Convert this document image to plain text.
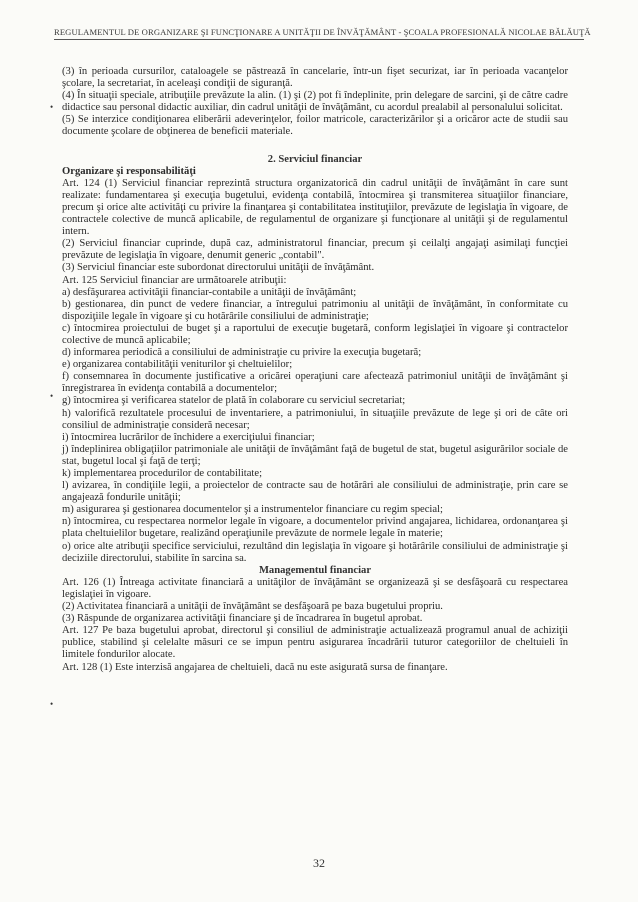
REGULAMENTUL DE ORGANIZARE ŞI FUNCŢIONARE A UNITĂŢII DE ÎNVĂŢĂMÂNT - ŞCOALA PROFESIONALĂ NICOLAE BĂLĂUŢĂ
•
•
•

(3) în perioada cursurilor, cataloagele se păstrează în cancelarie, într-un fişet securizat, iar în perioada vacanţelor şcolare, la secretariat, în aceleaşi condiţii de siguranţă.

(4) În situaţii speciale, atribuţiile prevăzute la alin. (1) şi (2) pot fi îndeplinite, prin delegare de sarcini, şi de către cadre didactice sau personal didactic auxiliar, din cadrul unităţii de învăţământ, cu acordul prealabil al personalului solicitat.

(5) Se interzice condiţionarea eliberării adeverinţelor, foilor matricole, caracterizărilor şi a oricăror acte de studii sau documente şcolare de obţinerea de beneficii materiale.

2. Serviciul financiar

Organizare şi responsabilităţi

Art. 124 (1) Serviciul financiar reprezintă structura organizatorică din cadrul unităţii de învăţământ în care sunt realizate: fundamentarea şi execuţia bugetului, evidenţa contabilă, întocmirea şi transmiterea situaţiilor financiare, precum şi orice alte activităţi cu privire la finanţarea şi contabilitatea instituţiilor, prevăzute de legislaţia în vigoare, de contractele colective de muncă aplicabile, de regulamentul de organizare şi funcţionare al unităţii şi de regulamentul intern.

(2) Serviciul financiar cuprinde, după caz, administratorul financiar, precum şi ceilalţi angajaţi asimilaţi funcţiei prevăzute de legislaţia în vigoare, denumit generic „contabil".

(3) Serviciul financiar este subordonat directorului unităţii de învăţământ.

Art. 125 Serviciul financiar are următoarele atribuţii:

a) desfăşurarea activităţii financiar-contabile a unităţii de învăţământ;

b) gestionarea, din punct de vedere financiar, a întregului patrimoniu al unităţii de învăţământ, în conformitate cu dispoziţiile legale în vigoare şi cu hotărârile consiliului de administraţie;

c) întocmirea proiectului de buget şi a raportului de execuţie bugetară, conform legislaţiei în vigoare şi contractelor colective de muncă aplicabile;

d) informarea periodică a consiliului de administraţie cu privire la execuţia bugetară;

e) organizarea contabilităţii veniturilor şi cheltuielilor;

f) consemnarea în documente justificative a oricărei operaţiuni care afectează patrimoniul unităţii de învăţământ şi înregistrarea în evidenţa contabilă a documentelor;

g) întocmirea şi verificarea statelor de plată în colaborare cu serviciul secretariat;

h) valorifică rezultatele procesului de inventariere, a patrimoniului, în situaţiile prevăzute de lege şi ori de câte ori consiliul de administraţie consideră necesar;

i) întocmirea lucrărilor de închidere a exerciţiului financiar;

j) îndeplinirea obligaţiilor patrimoniale ale unităţii de învăţământ faţă de bugetul de stat, bugetul asigurărilor sociale de stat, bugetul local şi faţă de terţi;

k) implementarea procedurilor de contabilitate;

l) avizarea, în condiţiile legii, a proiectelor de contracte sau de hotărâri ale consiliului de administraţie, prin care se angajează fondurile unităţii;

m) asigurarea şi gestionarea documentelor şi a instrumentelor financiare cu regim special;

n) întocmirea, cu respectarea normelor legale în vigoare, a documentelor privind angajarea, lichidarea, ordonanţarea şi plata cheltuielilor bugetare, realizând operaţiunile prevăzute de normele legale în materie;

o) orice alte atribuţii specifice serviciului, rezultând din legislaţia în vigoare şi hotărârile consiliului de administraţie şi deciziile directorului, stabilite în sarcina sa.

Managementul financiar

Art. 126 (1) Întreaga activitate financiară a unităţilor de învăţământ se organizează şi se desfăşoară cu respectarea legislaţiei în vigoare.

(2) Activitatea financiară a unităţii de învăţământ se desfăşoară pe baza bugetului propriu.

(3) Răspunde de organizarea activităţii financiare şi de încadrarea în bugetul aprobat.

Art. 127 Pe baza bugetului aprobat, directorul şi consiliul de administraţie actualizează programul anual de achiziţii publice, stabilind şi celelalte măsuri ce se impun pentru asigurarea încadrării tuturor categoriilor de cheltuieli în limitele fondurilor alocate.

Art. 128 (1) Este interzisă angajarea de cheltuieli, dacă nu este asigurată sursa de finanţare.

32
